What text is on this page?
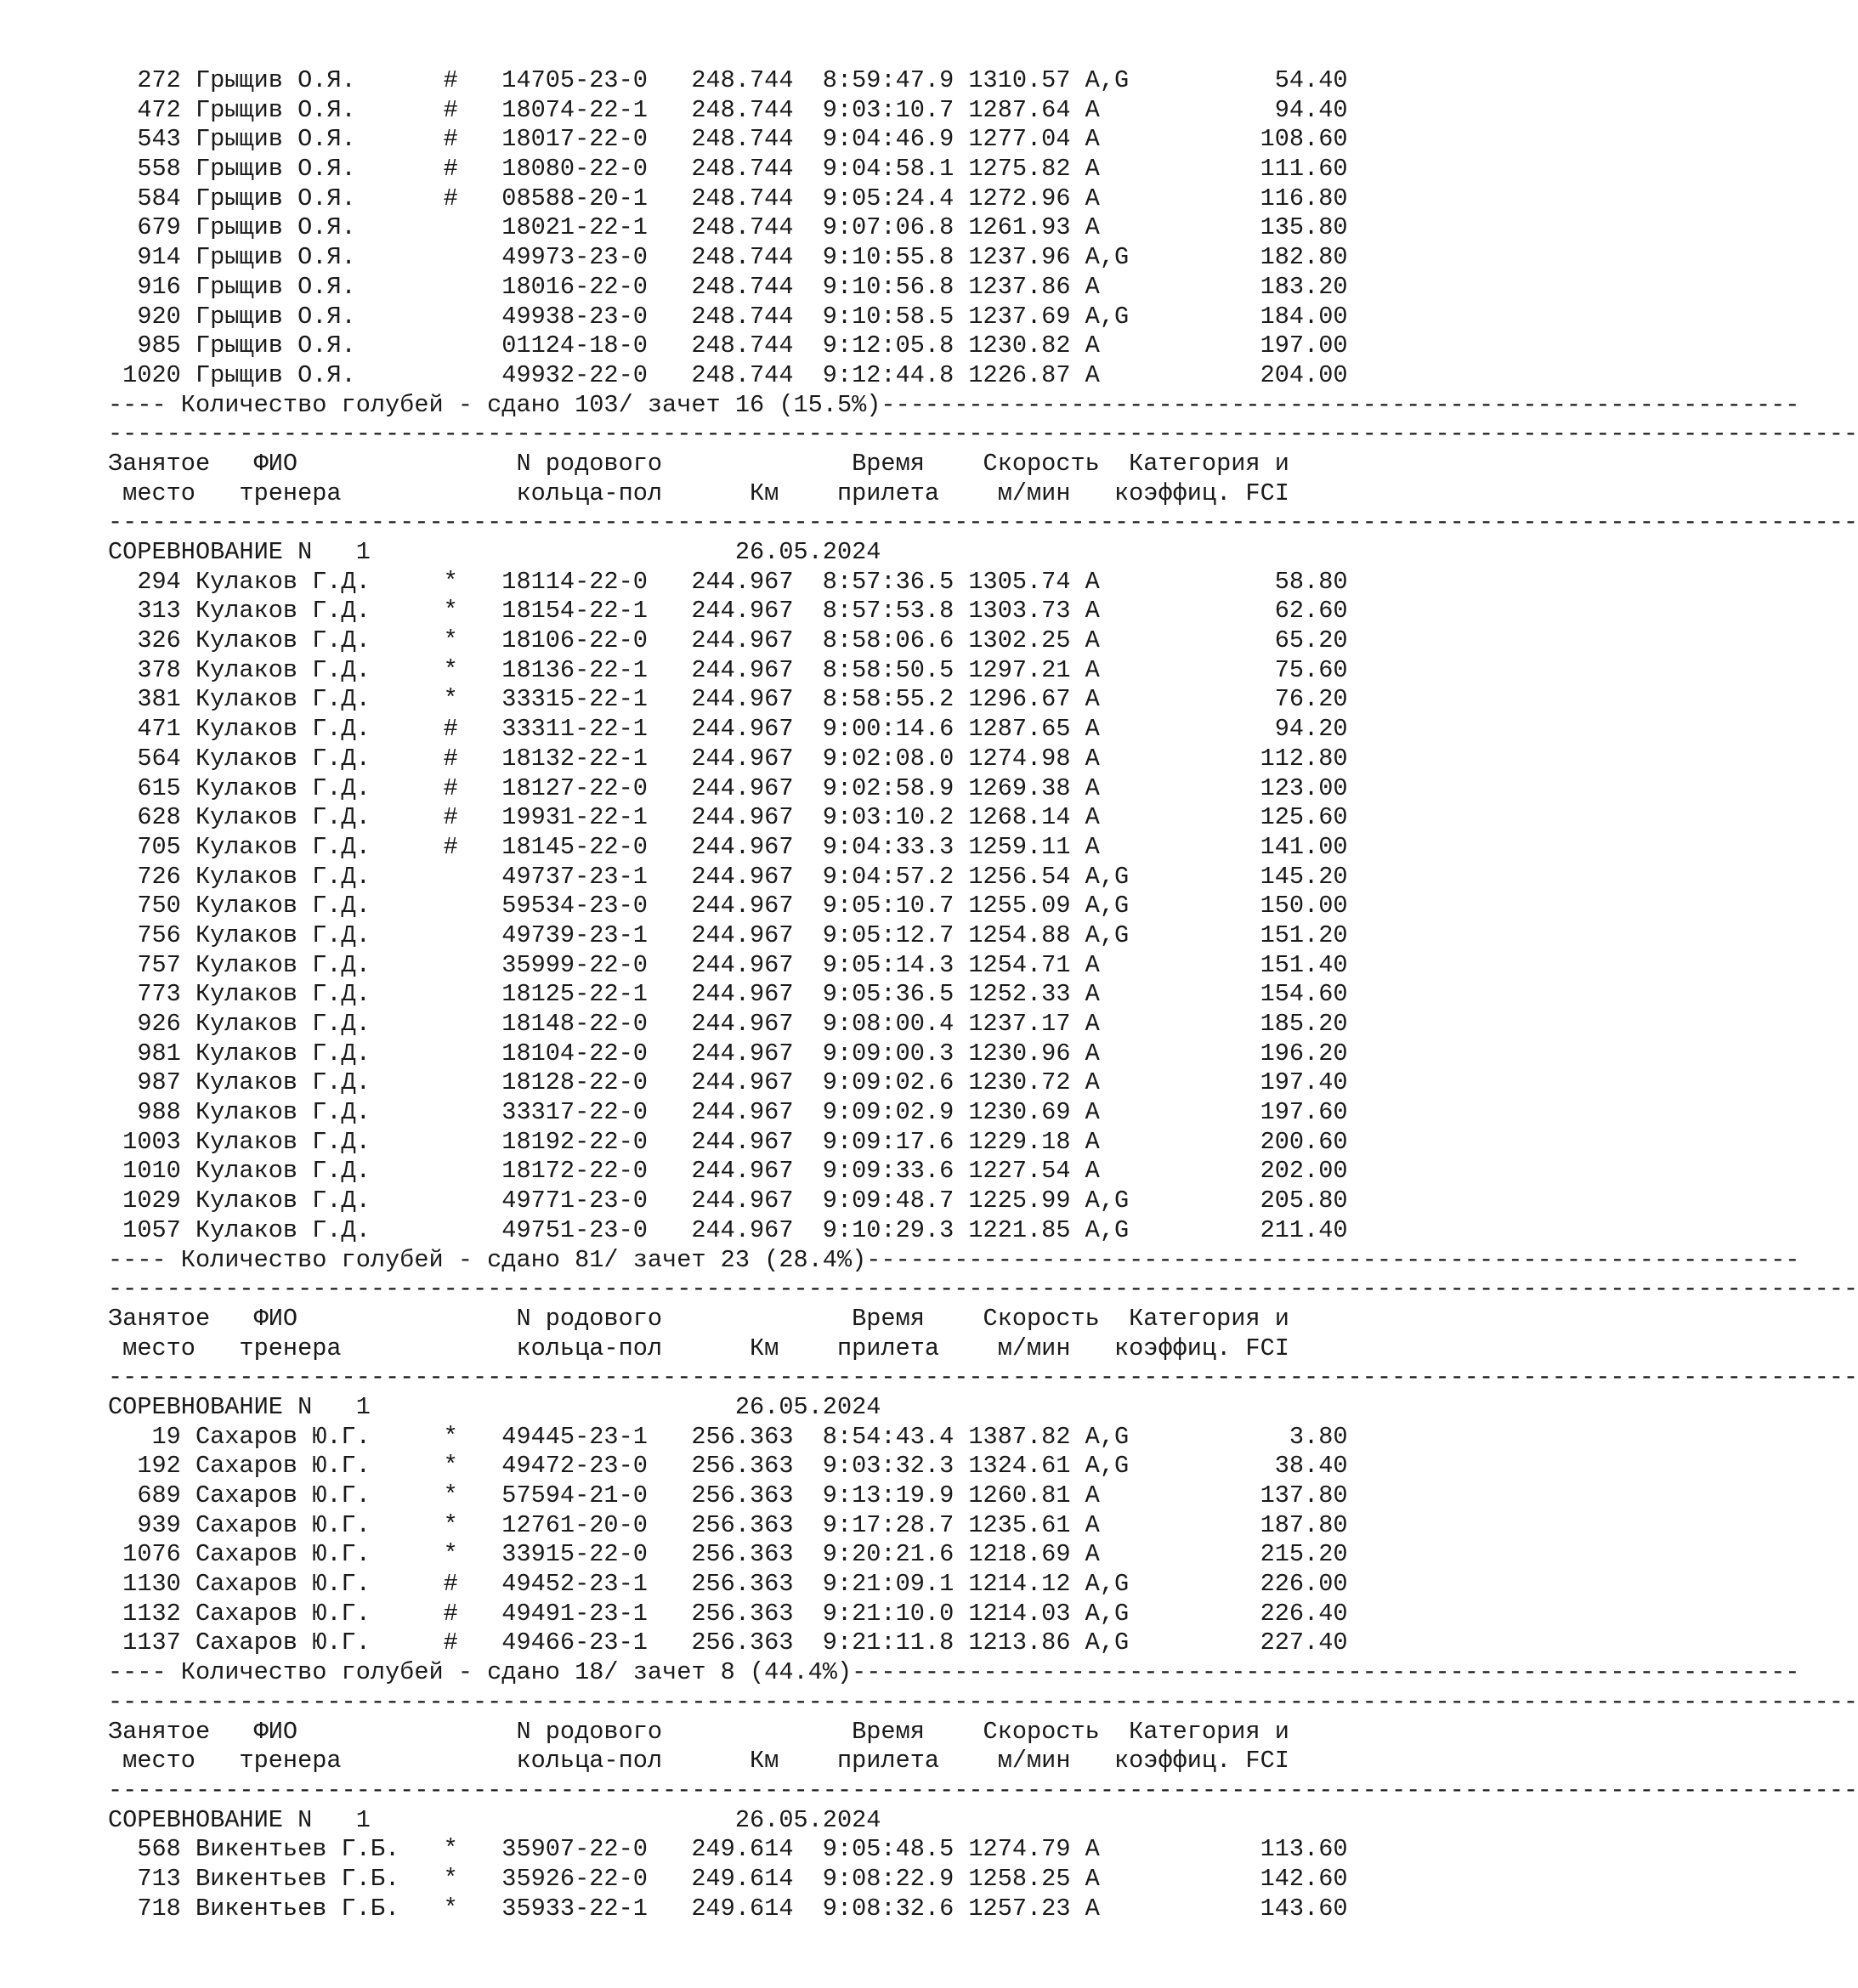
272 Грыщив О.Я.      #   14705-23-0   248.744  8:59:47.9 1310.57 A,G          54.40
472 Грыщив О.Я.      #   18074-22-1   248.744  9:03:10.7 1287.64 A            94.40
543 Грыщив О.Я.      #   18017-22-0   248.744  9:04:46.9 1277.04 A           108.60
558 Грыщив О.Я.      #   18080-22-0   248.744  9:04:58.1 1275.82 A           111.60
584 Грыщив О.Я.      #   08588-20-1   248.744  9:05:24.4 1272.96 A           116.80
679 Грыщив О.Я.          18021-22-1   248.744  9:07:06.8 1261.93 A           135.80
914 Грыщив О.Я.          49973-23-0   248.744  9:10:55.8 1237.96 A,G         182.80
916 Грыщив О.Я.          18016-22-0   248.744  9:10:56.8 1237.86 A           183.20
920 Грыщив О.Я.          49938-23-0   248.744  9:10:58.5 1237.69 A,G         184.00
985 Грыщив О.Я.          01124-18-0   248.744  9:12:05.8 1230.82 A           197.00
1020 Грыщив О.Я.          49932-22-0   248.744  9:12:44.8 1226.87 A           204.00
---- Количество голубей - сдано 103/ зачет 16 (15.5%)---------------------------------------------------------------
------------------------------------------------------------------------------------------------------------------------
Занятое   ФИО               N родового             Время    Скорость  Категория и
место   тренера            кольца-пол      Км    прилета    м/мин   коэффиц. FCI
------------------------------------------------------------------------------------------------------------------------
СОРЕВНОВАНИЕ N   1                         26.05.2024
294 Кулаков Г.Д.     *   18114-22-0   244.967  8:57:36.5 1305.74 A            58.80
313 Кулаков Г.Д.     *   18154-22-1   244.967  8:57:53.8 1303.73 A            62.60
326 Кулаков Г.Д.     *   18106-22-0   244.967  8:58:06.6 1302.25 A            65.20
378 Кулаков Г.Д.     *   18136-22-1   244.967  8:58:50.5 1297.21 A            75.60
381 Кулаков Г.Д.     *   33315-22-1   244.967  8:58:55.2 1296.67 A            76.20
471 Кулаков Г.Д.     #   33311-22-1   244.967  9:00:14.6 1287.65 A            94.20
564 Кулаков Г.Д.     #   18132-22-1   244.967  9:02:08.0 1274.98 A           112.80
615 Кулаков Г.Д.     #   18127-22-0   244.967  9:02:58.9 1269.38 A           123.00
628 Кулаков Г.Д.     #   19931-22-1   244.967  9:03:10.2 1268.14 A           125.60
705 Кулаков Г.Д.     #   18145-22-0   244.967  9:04:33.3 1259.11 A           141.00
726 Кулаков Г.Д.         49737-23-1   244.967  9:04:57.2 1256.54 A,G         145.20
750 Кулаков Г.Д.         59534-23-0   244.967  9:05:10.7 1255.09 A,G         150.00
756 Кулаков Г.Д.         49739-23-1   244.967  9:05:12.7 1254.88 A,G         151.20
757 Кулаков Г.Д.         35999-22-0   244.967  9:05:14.3 1254.71 A           151.40
773 Кулаков Г.Д.         18125-22-1   244.967  9:05:36.5 1252.33 A           154.60
926 Кулаков Г.Д.         18148-22-0   244.967  9:08:00.4 1237.17 A           185.20
981 Кулаков Г.Д.         18104-22-0   244.967  9:09:00.3 1230.96 A           196.20
987 Кулаков Г.Д.         18128-22-0   244.967  9:09:02.6 1230.72 A           197.40
988 Кулаков Г.Д.         33317-22-0   244.967  9:09:02.9 1230.69 A           197.60
1003 Кулаков Г.Д.         18192-22-0   244.967  9:09:17.6 1229.18 A           200.60
1010 Кулаков Г.Д.         18172-22-0   244.967  9:09:33.6 1227.54 A           202.00
1029 Кулаков Г.Д.         49771-23-0   244.967  9:09:48.7 1225.99 A,G         205.80
1057 Кулаков Г.Д.         49751-23-0   244.967  9:10:29.3 1221.85 A,G         211.40
---- Количество голубей - сдано 81/ зачет 23 (28.4%)----------------------------------------------------------------
------------------------------------------------------------------------------------------------------------------------
Занятое   ФИО               N родового             Время    Скорость  Категория и
место   тренера            кольца-пол      Км    прилета    м/мин   коэффиц. FCI
------------------------------------------------------------------------------------------------------------------------
СОРЕВНОВАНИЕ N   1                         26.05.2024
19 Сахаров Ю.Г.     *   49445-23-1   256.363  8:54:43.4 1387.82 A,G           3.80
192 Сахаров Ю.Г.     *   49472-23-0   256.363  9:03:32.3 1324.61 A,G          38.40
689 Сахаров Ю.Г.     *   57594-21-0   256.363  9:13:19.9 1260.81 A           137.80
939 Сахаров Ю.Г.     *   12761-20-0   256.363  9:17:28.7 1235.61 A           187.80
1076 Сахаров Ю.Г.     *   33915-22-0   256.363  9:20:21.6 1218.69 A           215.20
1130 Сахаров Ю.Г.     #   49452-23-1   256.363  9:21:09.1 1214.12 A,G         226.00
1132 Сахаров Ю.Г.     #   49491-23-1   256.363  9:21:10.0 1214.03 A,G         226.40
1137 Сахаров Ю.Г.     #   49466-23-1   256.363  9:21:11.8 1213.86 A,G         227.40
---- Количество голубей - сдано 18/ зачет 8 (44.4%)-----------------------------------------------------------------
------------------------------------------------------------------------------------------------------------------------
Занятое   ФИО               N родового             Время    Скорость  Категория и
место   тренера            кольца-пол      Км    прилета    м/мин   коэффиц. FCI
------------------------------------------------------------------------------------------------------------------------
СОРЕВНОВАНИЕ N   1                         26.05.2024
568 Викентьев Г.Б.   *   35907-22-0   249.614  9:05:48.5 1274.79 A           113.60
713 Викентьев Г.Б.   *   35926-22-0   249.614  9:08:22.9 1258.25 A           142.60
718 Викентьев Г.Б.   *   35933-22-1   249.614  9:08:32.6 1257.23 A           143.60
